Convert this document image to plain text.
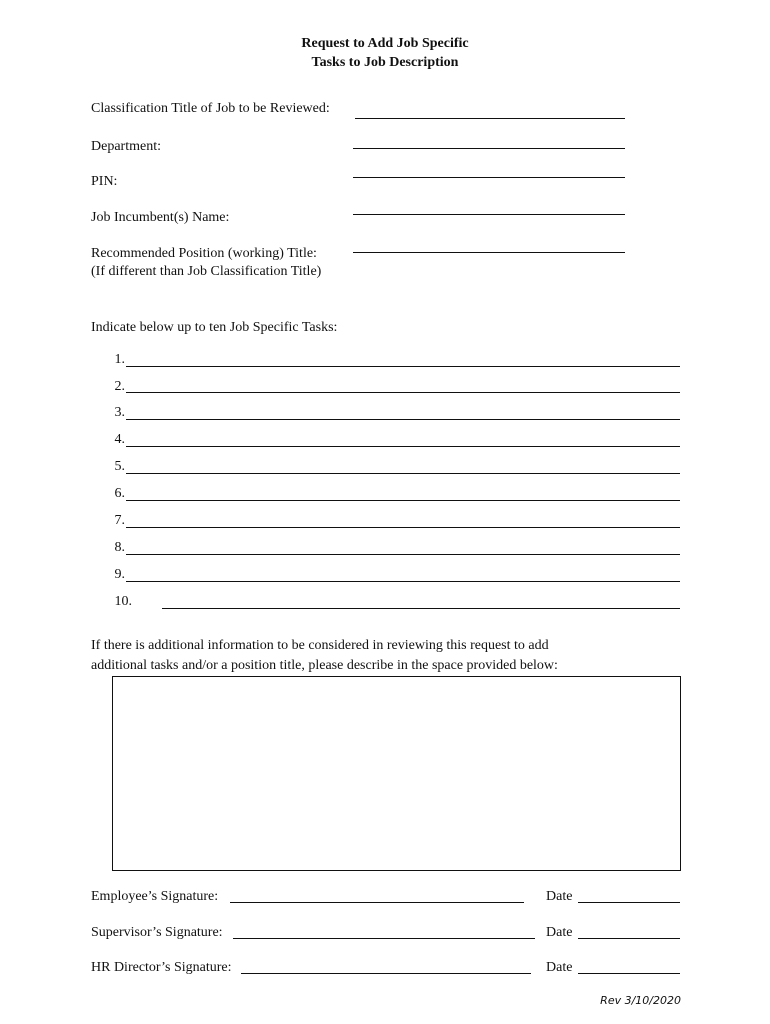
Request to Add Job Specific
Tasks to Job Description
Classification Title of Job to be Reviewed:
Department:
PIN:
Job Incumbent(s) Name:
Recommended Position (working) Title:
(If different than Job Classification Title)
Indicate below up to ten Job Specific Tasks:
1.
2.
3.
4.
5.
6.
7.
8.
9.
10.
If there is additional information to be considered in reviewing this request to add
additional tasks and/or a position title, please describe in the space provided below:
Employee’s Signature:	Date
Supervisor’s Signature:	Date
HR Director’s Signature:	Date
Rev 3/10/2020
